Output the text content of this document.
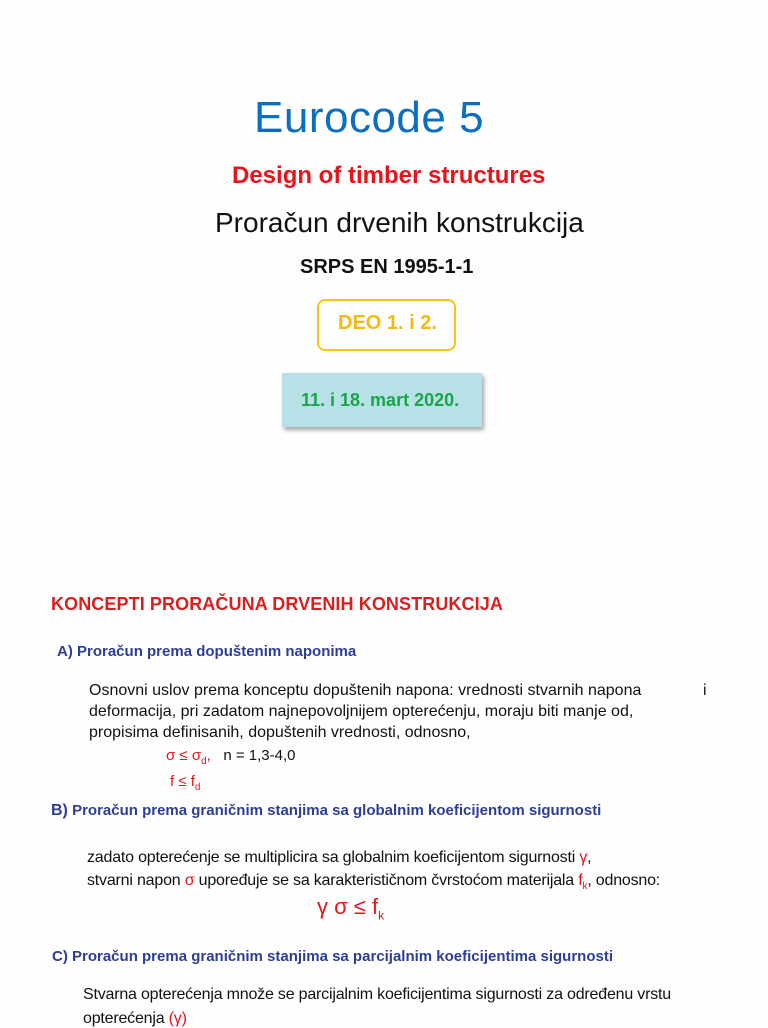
Eurocode 5
Design of timber structures
Proračun drvenih konstrukcija
SRPS EN 1995-1-1
DEO 1. i 2.
11. i 18. mart 2020.
KONCEPTI PRORAČUNA DRVENIH KONSTRUKCIJA
A) Proračun prema dopuštenim naponima
Osnovni uslov prema konceptu dopuštenih napona: vrednosti stvarnih napona	i
deformacija, pri zadatom najnepovoljnijem opterećenju, moraju biti manje od,
propisima definisanih, dopuštenih vrednosti, odnosno,
$\sigma \le \sigma_d$, n = 1,3-4,0
$f \le f_d$
B) Proračun prema graničnim stanjima sa globalnim koeficijentom sigurnosti
zadato opterećenje se multiplicira sa globalnim koeficijentom sigurnosti γ,
stvarni napon σ upoređuje se sa karakterističnom čvrstoćom materijala $f_k$, odnosno:
γ $\sigma \le f_k$
C) Proračun prema graničnim stanjima sa parcijalnim koeficijentima sigurnosti
Stvarna opterećenja množe se parcijalnim koeficijentima sigurnosti za određenu vrstu
opterećenja (γ)
